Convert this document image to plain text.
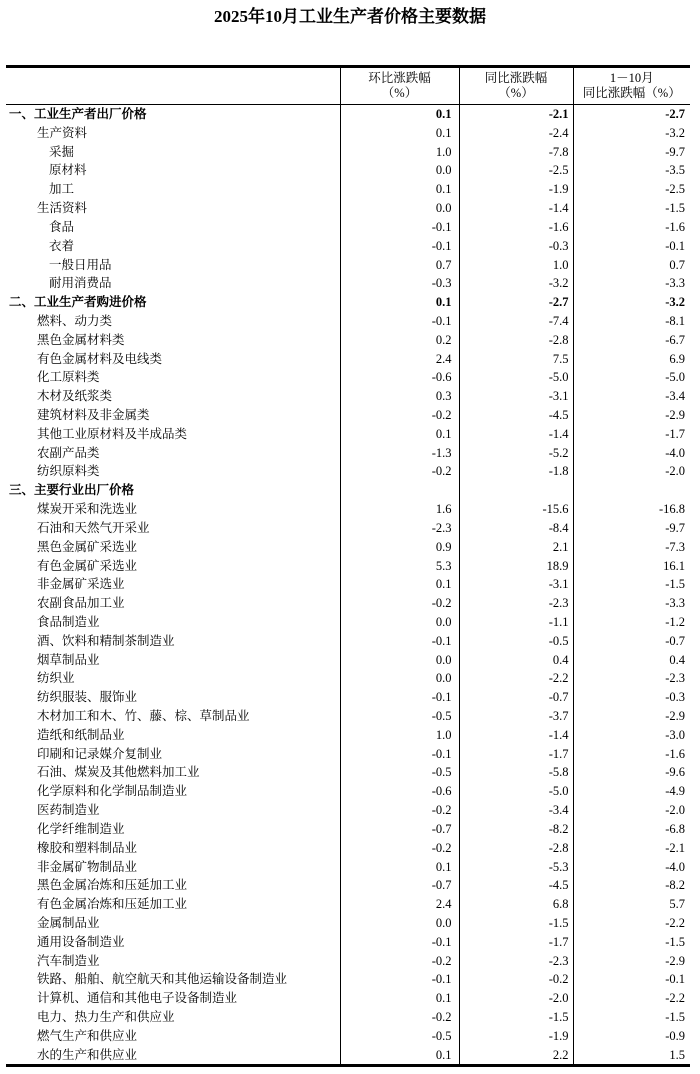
2025年10月工业生产者价格主要数据

环比涨跌幅
（%）

同比涨跌幅
（%）

1－10月
同比涨跌幅（%）

一、工业生产者出厂价格	0.1	-2.1	-2.7
生产资料	0.1	-2.4	-3.2
采掘	1.0	-7.8	-9.7
原材料	0.0	-2.5	-3.5
加工	0.1	-1.9	-2.5
生活资料	0.0	-1.4	-1.5
食品	-0.1	-1.6	-1.6
衣着	-0.1	-0.3	-0.1
一般日用品	0.7	1.0	0.7
耐用消费品	-0.3	-3.2	-3.3
二、工业生产者购进价格	0.1	-2.7	-3.2
燃料、动力类	-0.1	-7.4	-8.1
黑色金属材料类	0.2	-2.8	-6.7
有色金属材料及电线类	2.4	7.5	6.9
化工原料类	-0.6	-5.0	-5.0
木材及纸浆类	0.3	-3.1	-3.4
建筑材料及非金属类	-0.2	-4.5	-2.9
其他工业原材料及半成品类	0.1	-1.4	-1.7
农副产品类	-1.3	-5.2	-4.0
纺织原料类	-0.2	-1.8	-2.0
三、主要行业出厂价格			
煤炭开采和洗选业	1.6	-15.6	-16.8
石油和天然气开采业	-2.3	-8.4	-9.7
黑色金属矿采选业	0.9	2.1	-7.3
有色金属矿采选业	5.3	18.9	16.1
非金属矿采选业	0.1	-3.1	-1.5
农副食品加工业	-0.2	-2.3	-3.3
食品制造业	0.0	-1.1	-1.2
酒、饮料和精制茶制造业	-0.1	-0.5	-0.7
烟草制品业	0.0	0.4	0.4
纺织业	0.0	-2.2	-2.3
纺织服装、服饰业	-0.1	-0.7	-0.3
木材加工和木、竹、藤、棕、草制品业	-0.5	-3.7	-2.9
造纸和纸制品业	1.0	-1.4	-3.0
印刷和记录媒介复制业	-0.1	-1.7	-1.6
石油、煤炭及其他燃料加工业	-0.5	-5.8	-9.6
化学原料和化学制品制造业	-0.6	-5.0	-4.9
医药制造业	-0.2	-3.4	-2.0
化学纤维制造业	-0.7	-8.2	-6.8
橡胶和塑料制品业	-0.2	-2.8	-2.1
非金属矿物制品业	0.1	-5.3	-4.0
黑色金属冶炼和压延加工业	-0.7	-4.5	-8.2
有色金属冶炼和压延加工业	2.4	6.8	5.7
金属制品业	0.0	-1.5	-2.2
通用设备制造业	-0.1	-1.7	-1.5
汽车制造业	-0.2	-2.3	-2.9
铁路、船舶、航空航天和其他运输设备制造业	-0.1	-0.2	-0.1
计算机、通信和其他电子设备制造业	0.1	-2.0	-2.2
电力、热力生产和供应业	-0.2	-1.5	-1.5
燃气生产和供应业	-0.5	-1.9	-0.9
水的生产和供应业	0.1	2.2	1.5
